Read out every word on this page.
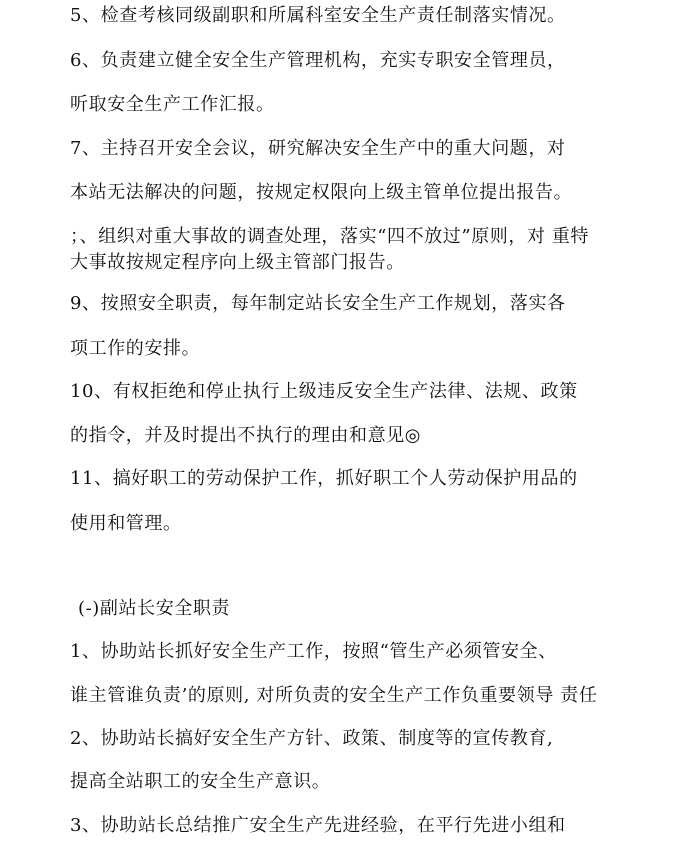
5、检查考核同级副职和所属科室安全生产责任制落实情况。
6、负责建立健全安全生产管理机构，充实专职安全管理员，
听取安全生产工作汇报。
7、主持召开安全会议，研究解决安全生产中的重大问题，对
本站无法解决的问题，按规定权限向上级主管单位提出报告。
；、组织对重大事故的调查处理，落实“四不放过”原则，对 重特
大事故按规定程序向上级主管部门报告。
9、按照安全职责，每年制定站长安全生产工作规划，落实各
项工作的安排。
10、有权拒绝和停止执行上级违反安全生产法律、法规、政策
的指令，并及时提出不执行的理由和意见◎
11、搞好职工的劳动保护工作，抓好职工个人劳动保护用品的
使用和管理。
(-)副站长安全职责
1、协助站长抓好安全生产工作，按照“管生产必须管安全、
谁主管谁负责’的原则, 对所负责的安全生产工作负重要领导 责任
2、协助站长搞好安全生产方针、政策、制度等的宣传教育,
提高全站职工的安全生产意识。
3、协助站长总结推广安全生产先进经验，在平行先进小组和
